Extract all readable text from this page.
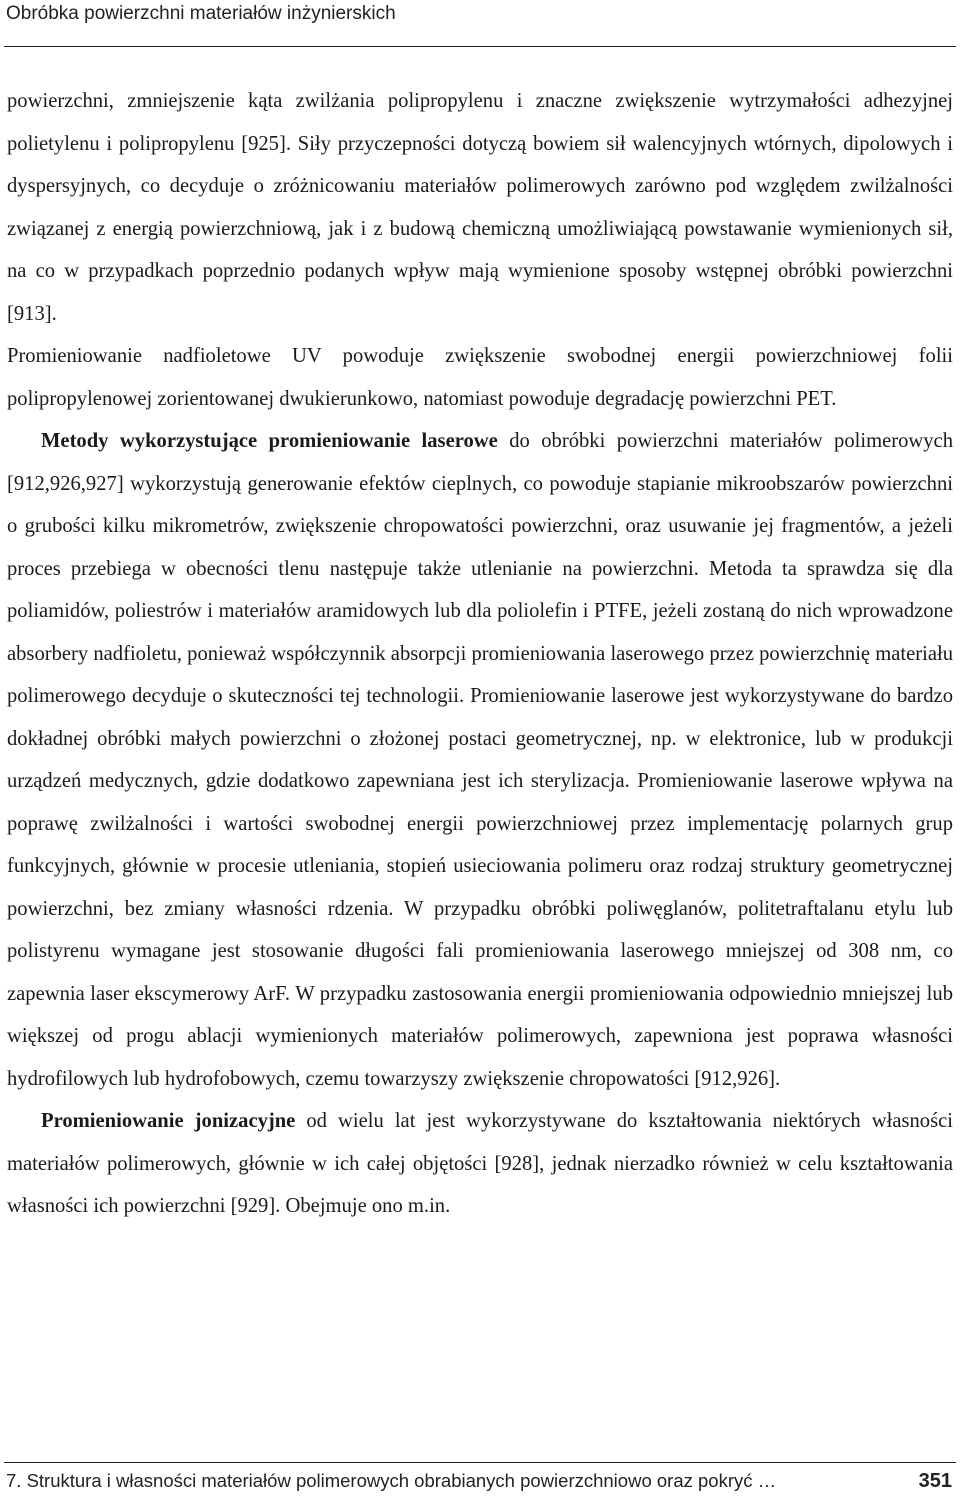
Obróbka powierzchni materiałów inżynierskich

powierzchni, zmniejszenie kąta zwilżania polipropylenu i znaczne zwiększenie wytrzymałości adhezyjnej polietylenu i polipropylenu [925]. Siły przyczepności dotyczą bowiem sił walencyjnych wtórnych, dipolowych i dyspersyjnych, co decyduje o zróżnicowaniu materiałów polimerowych zarówno pod względem zwilżalności związanej z energią powierzchniową, jak i z budową chemiczną umożliwiającą powstawanie wymienionych sił, na co w przypadkach poprzednio podanych wpływ mają wymienione sposoby wstępnej obróbki powierzchni [913].

Promieniowanie nadfioletowe UV powoduje zwiększenie swobodnej energii powierzchniowej folii polipropylenowej zorientowanej dwukierunkowo, natomiast powoduje degradację powierzchni PET.

Metody wykorzystujące promieniowanie laserowe do obróbki powierzchni materiałów polimerowych [912,926,927] wykorzystują generowanie efektów cieplnych, co powoduje stapianie mikroobszarów powierzchni o grubości kilku mikrometrów, zwiększenie chropowatości powierzchni, oraz usuwanie jej fragmentów, a jeżeli proces przebiega w obecności tlenu następuje także utlenianie na powierzchni. Metoda ta sprawdza się dla poliamidów, poliestrów i materiałów aramidowych lub dla poliolefin i PTFE, jeżeli zostaną do nich wprowadzone absorbery nadfioletu, ponieważ współczynnik absorpcji promieniowania laserowego przez powierzchnię materiału polimerowego decyduje o skuteczności tej technologii. Promieniowanie laserowe jest wykorzystywane do bardzo dokładnej obróbki małych powierzchni o złożonej postaci geometrycznej, np. w elektronice, lub w produkcji urządzeń medycznych, gdzie dodatkowo zapewniana jest ich sterylizacja. Promieniowanie laserowe wpływa na poprawę zwilżalności i wartości swobodnej energii powierzchniowej przez implementację polarnych grup funkcyjnych, głównie w procesie utleniania, stopień usieciowania polimeru oraz rodzaj struktury geometrycznej powierzchni, bez zmiany własności rdzenia. W przypadku obróbki poliwęglanów, politetraftalanu etylu lub polistyrenu wymagane jest stosowanie długości fali promieniowania laserowego mniejszej od 308 nm, co zapewnia laser ekscymerowy ArF. W przypadku zastosowania energii promieniowania odpowiednio mniejszej lub większej od progu ablacji wymienionych materiałów polimerowych, zapewniona jest poprawa własności hydrofilowych lub hydrofobowych, czemu towarzyszy zwiększenie chropowatości [912,926].

Promieniowanie jonizacyjne od wielu lat jest wykorzystywane do kształtowania niektórych własności materiałów polimerowych, głównie w ich całej objętości [928], jednak nierzadko również w celu kształtowania własności ich powierzchni [929]. Obejmuje ono m.in.

7. Struktura i własności materiałów polimerowych obrabianych powierzchniowo oraz pokryć …	351
